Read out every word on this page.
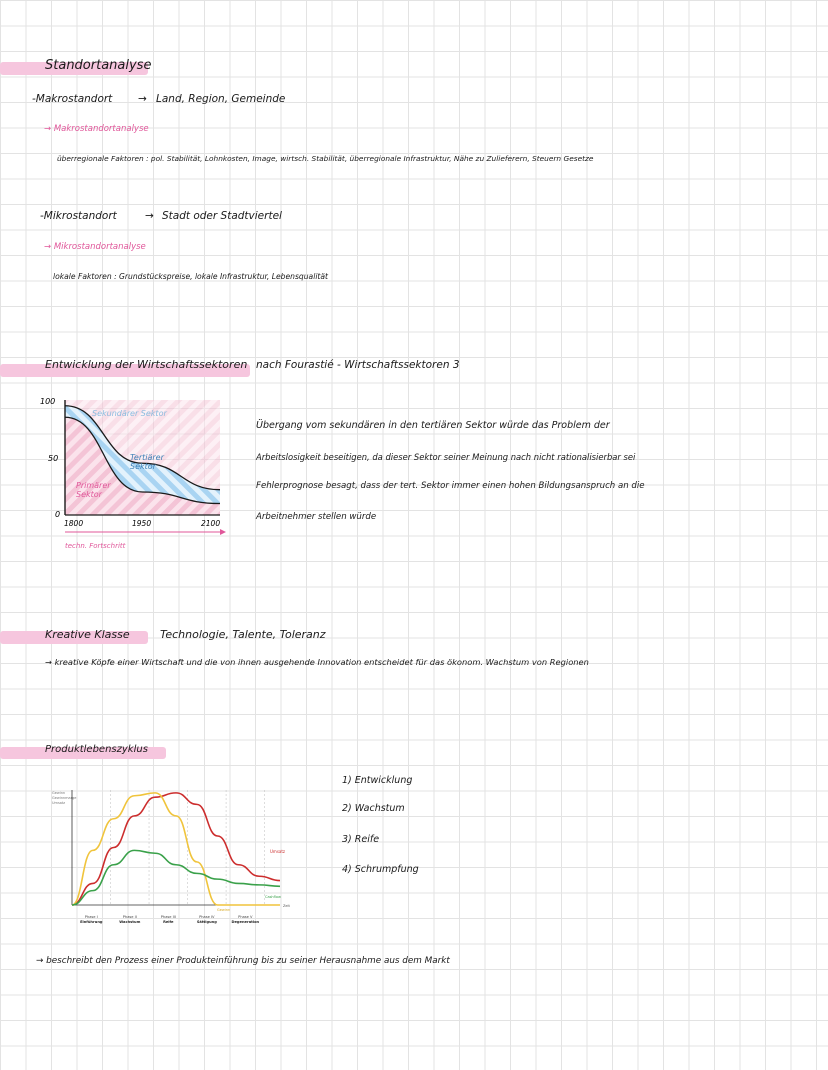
Standortanalyse
-Makrostandort → Land, Region, Gemeinde
→ Makrostandortanalyse
überregionale Faktoren : pol. Stabilität, Lohnkosten, Image, wirtsch. Stabilität, überregionale Infrastruktur, Nähe zu Zulieferern, Steuern Gesetze
-Mikrostandort	→ Stadt oder Stadtviertel
→ Mikrostandortanalyse
lokale Faktoren : Grundstückspreise, lokale Infrastruktur, Lebensqualität
Entwicklung der Wirtschaftssektoren nach Fourastié - Wirtschaftssektoren 3
100
50
0
1800	1950	2100
Sekundärer Sektor
Tertiärer Sektor
Primärer Sektor
techn. Fortschritt
Übergang vom sekundären in den tertiären Sektor würde das Problem der
Arbeitslosigkeit beseitigen, da dieser Sektor seiner Meinung nach nicht rationalisierbar sei
Fehlerprognose besagt, dass der tert. Sektor immer einen hohen Bildungsanspruch an die
Arbeitnehmer stellen würde
Kreative Klasse	Technologie, Talente, Toleranz
→ kreative Köpfe einer Wirtschaft und die von ihnen ausgehende Innovation entscheidet für das ökonom. Wachstum von Regionen
Produktlebenszyklus
Gewinn
Gewinnmarge
Umsatz
Zeit
Umsatz
Gewinn
Cashflow
Phase I
Einführung
Phase II
Wachstum
Phase III
Reife
Phase IV
Sättigung
Phase V
Degeneration
1) Entwicklung
2) Wachstum
3) Reife
4) Schrumpfung
→ beschreibt den Prozess einer Produkteinführung bis zu seiner Herausnahme aus dem Markt
